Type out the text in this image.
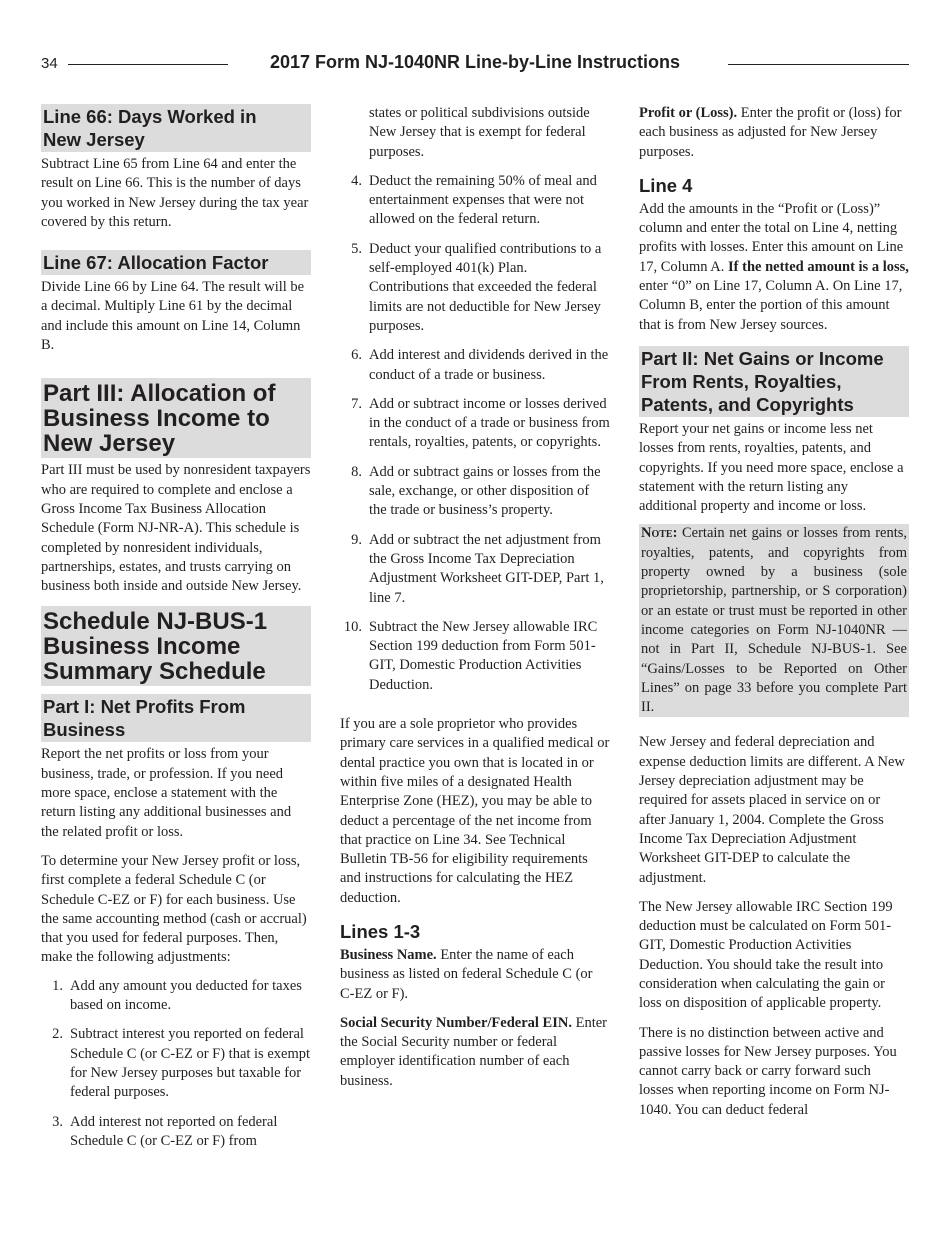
34	2017 Form NJ-1040NR Line-by-Line Instructions
Line 66: Days Worked in
New Jersey

Subtract Line 65 from Line 64 and enter the result on Line 66. This is the number of days you worked in New Jersey during the tax year covered by this return.

Line 67: Allocation Factor

Divide Line 66 by Line 64. The result will be a decimal. Multiply Line 61 by the decimal and include this amount on Line 14, Column B.

Part III: Allocation of
Business Income to
New Jersey

Part III must be used by nonresident taxpayers who are required to complete and enclose a Gross Income Tax Business Allocation Schedule (Form NJ-NR-A). This schedule is completed by nonresident individuals, partnerships, estates, and trusts carrying on business both inside and outside New Jersey.

Schedule NJ-BUS-1
Business Income
Summary Schedule
Part I: Net Profits From
Business

Report the net profits or loss from your business, trade, or profession. If you need more space, enclose a statement with the return listing any additional businesses and the related profit or loss.

To determine your New Jersey profit or loss, first complete a federal Schedule C (or Schedule C-EZ or F) for each business. Use the same accounting method (cash or accrual) that you used for federal purposes. Then, make the following adjustments:

1. Add any amount you deducted for taxes based on income.
2. Subtract interest you reported on federal Schedule C (or C-EZ or F) that is exempt for New Jersey purposes but taxable for federal purposes.
3. Add interest not reported on federal Schedule C (or C-EZ or F) from

states or political subdivisions outside New Jersey that is exempt for federal purposes.

4. Deduct the remaining 50% of meal and entertainment expenses that were not allowed on the federal return.
5. Deduct your qualified contributions to a self-employed 401(k) Plan. Contributions that exceeded the federal limits are not deductible for New Jersey purposes.
6. Add interest and dividends derived in the conduct of a trade or business.
7. Add or subtract income or losses derived in the conduct of a trade or business from rentals, royalties, patents, or copyrights.
8. Add or subtract gains or losses from the sale, exchange, or other disposition of the trade or business’s property.
9. Add or subtract the net adjustment from the Gross Income Tax Depreciation Adjustment Worksheet GIT-DEP, Part 1, line 7.
10. Subtract the New Jersey allowable IRC Section 199 deduction from Form 501-GIT, Domestic Production Activities Deduction.

If you are a sole proprietor who provides primary care services in a qualified medical or dental practice you own that is located in or within five miles of a designated Health Enterprise Zone (HEZ), you may be able to deduct a percentage of the net income from that practice on Line 34. See Technical Bulletin TB-56 for eligibility requirements and instructions for calculating the HEZ deduction.

Lines 1-3

Business Name. Enter the name of each business as listed on federal Schedule C (or C-EZ or F).

Social Security Number/Federal EIN. Enter the Social Security number or federal employer identification number of each business.

Profit or (Loss). Enter the profit or (loss) for each business as adjusted for New Jersey purposes.

Line 4

Add the amounts in the “Profit or (Loss)” column and enter the total on Line 4, netting profits with losses. Enter this amount on Line 17, Column A. If the netted amount is a loss, enter “0” on Line 17, Column A. On Line 17, Column B, enter the portion of this amount that is from New Jersey sources.

Part II: Net Gains or Income
From Rents, Royalties,
Patents, and Copyrights

Report your net gains or income less net losses from rents, royalties, patents, and copyrights. If you need more space, enclose a statement with the return listing any additional property and income or loss.

Note: Certain net gains or losses from rents, royalties, patents, and copyrights from property owned by a business (sole proprietorship, partnership, or S corporation) or an estate or trust must be reported in other income categories on Form NJ-1040NR — not in Part II, Schedule NJ-BUS-1. See “Gains/Losses to be Reported on Other Lines” on page 33 before you complete Part II.

New Jersey and federal depreciation and expense deduction limits are different. A New Jersey depreciation adjustment may be required for assets placed in service on or after January 1, 2004. Complete the Gross Income Tax Depreciation Adjustment Worksheet GIT-DEP to calculate the adjustment.

The New Jersey allowable IRC Section 199 deduction must be calculated on Form 501-GIT, Domestic Production Activities Deduction. You should take the result into consideration when calculating the gain or loss on disposition of applicable property.

There is no distinction between active and passive losses for New Jersey purposes. You cannot carry back or carry forward such losses when reporting income on Form NJ-1040. You can deduct federal
